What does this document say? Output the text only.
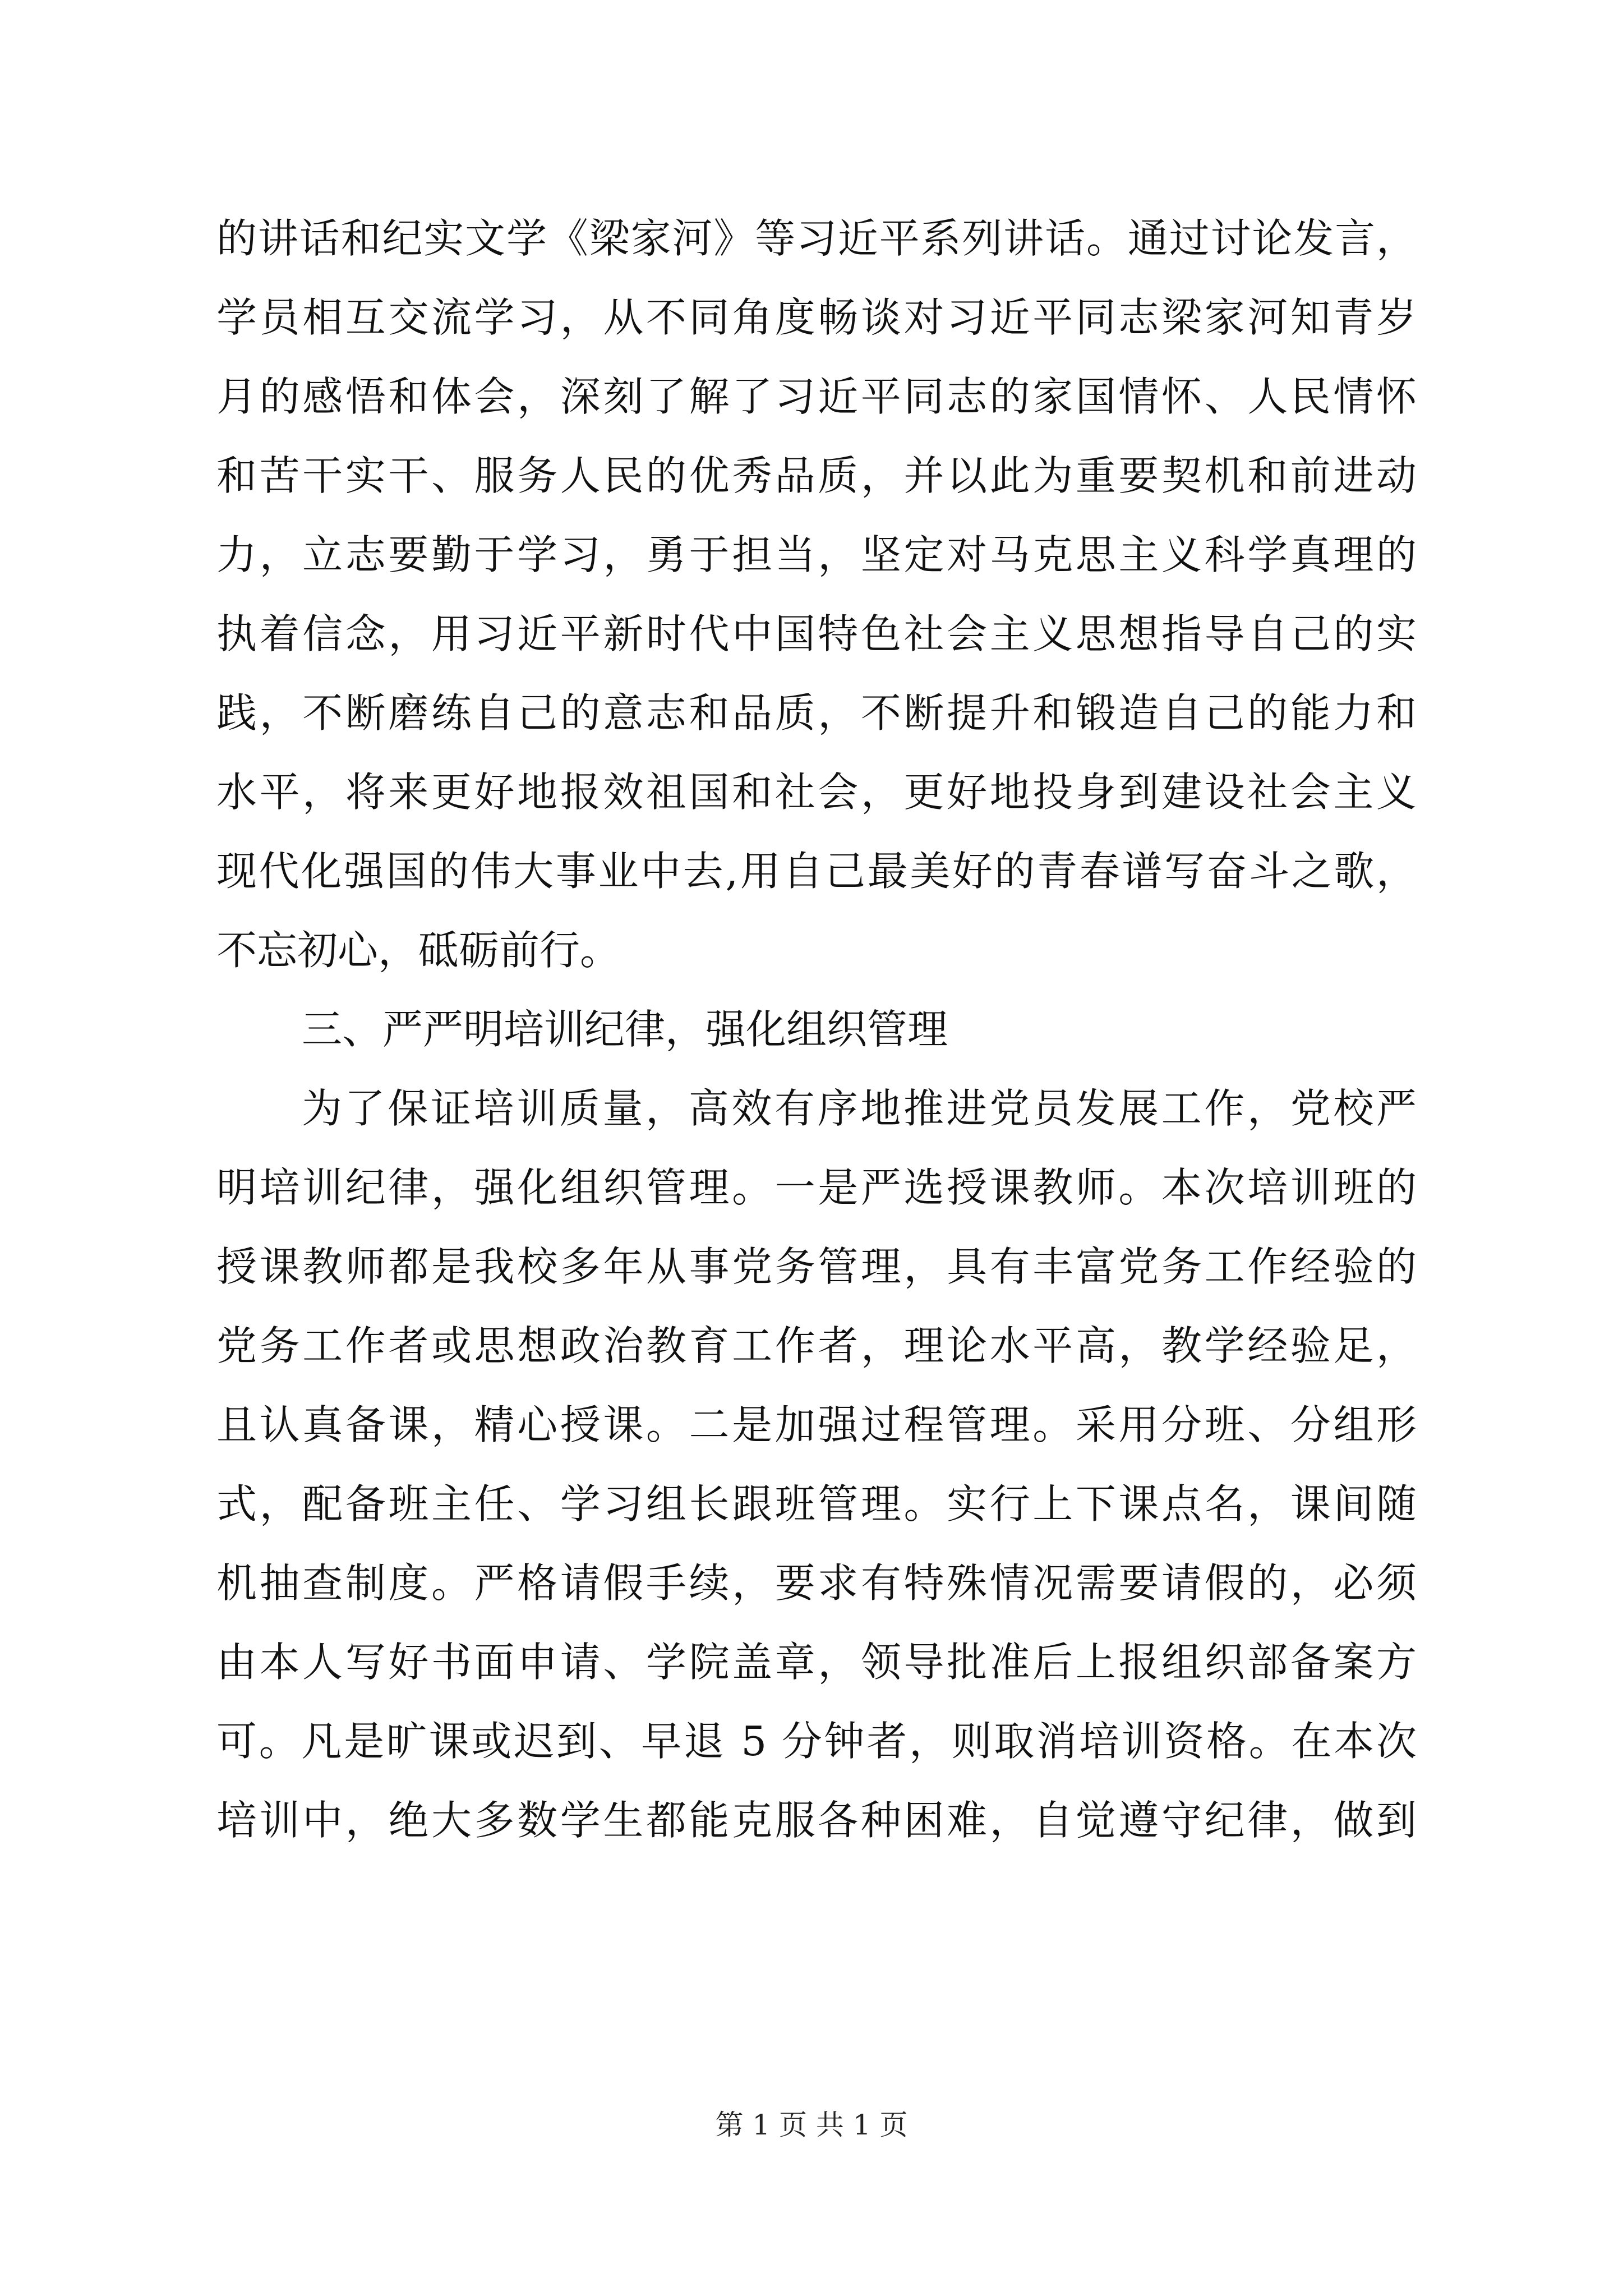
的讲话和纪实文学《梁家河》等习近平系列讲话。通过讨论发言，
学员相互交流学习，从不同角度畅谈对习近平同志梁家河知青岁
月的感悟和体会，深刻了解了习近平同志的家国情怀、人民情怀
和苦干实干、服务人民的优秀品质，并以此为重要契机和前进动
力，立志要勤于学习，勇于担当，坚定对马克思主义科学真理的
执着信念，用习近平新时代中国特色社会主义思想指导自己的实
践，不断磨练自己的意志和品质，不断提升和锻造自己的能力和
水平，将来更好地报效祖国和社会，更好地投身到建设社会主义
现代化强国的伟大事业中去,用自己最美好的青春谱写奋斗之歌，
不忘初心，砥砺前行。
三、严严明培训纪律，强化组织管理
为了保证培训质量，高效有序地推进党员发展工作，党校严
明培训纪律，强化组织管理。一是严选授课教师。本次培训班的
授课教师都是我校多年从事党务管理，具有丰富党务工作经验的
党务工作者或思想政治教育工作者，理论水平高，教学经验足，
且认真备课，精心授课。二是加强过程管理。采用分班、分组形
式，配备班主任、学习组长跟班管理。实行上下课点名，课间随
机抽查制度。严格请假手续，要求有特殊情况需要请假的，必须
由本人写好书面申请、学院盖章，领导批准后上报组织部备案方
可。凡是旷课或迟到、早退 5 分钟者，则取消培训资格。在本次
培训中，绝大多数学生都能克服各种困难，自觉遵守纪律，做到
第 1 页 共 1 页
